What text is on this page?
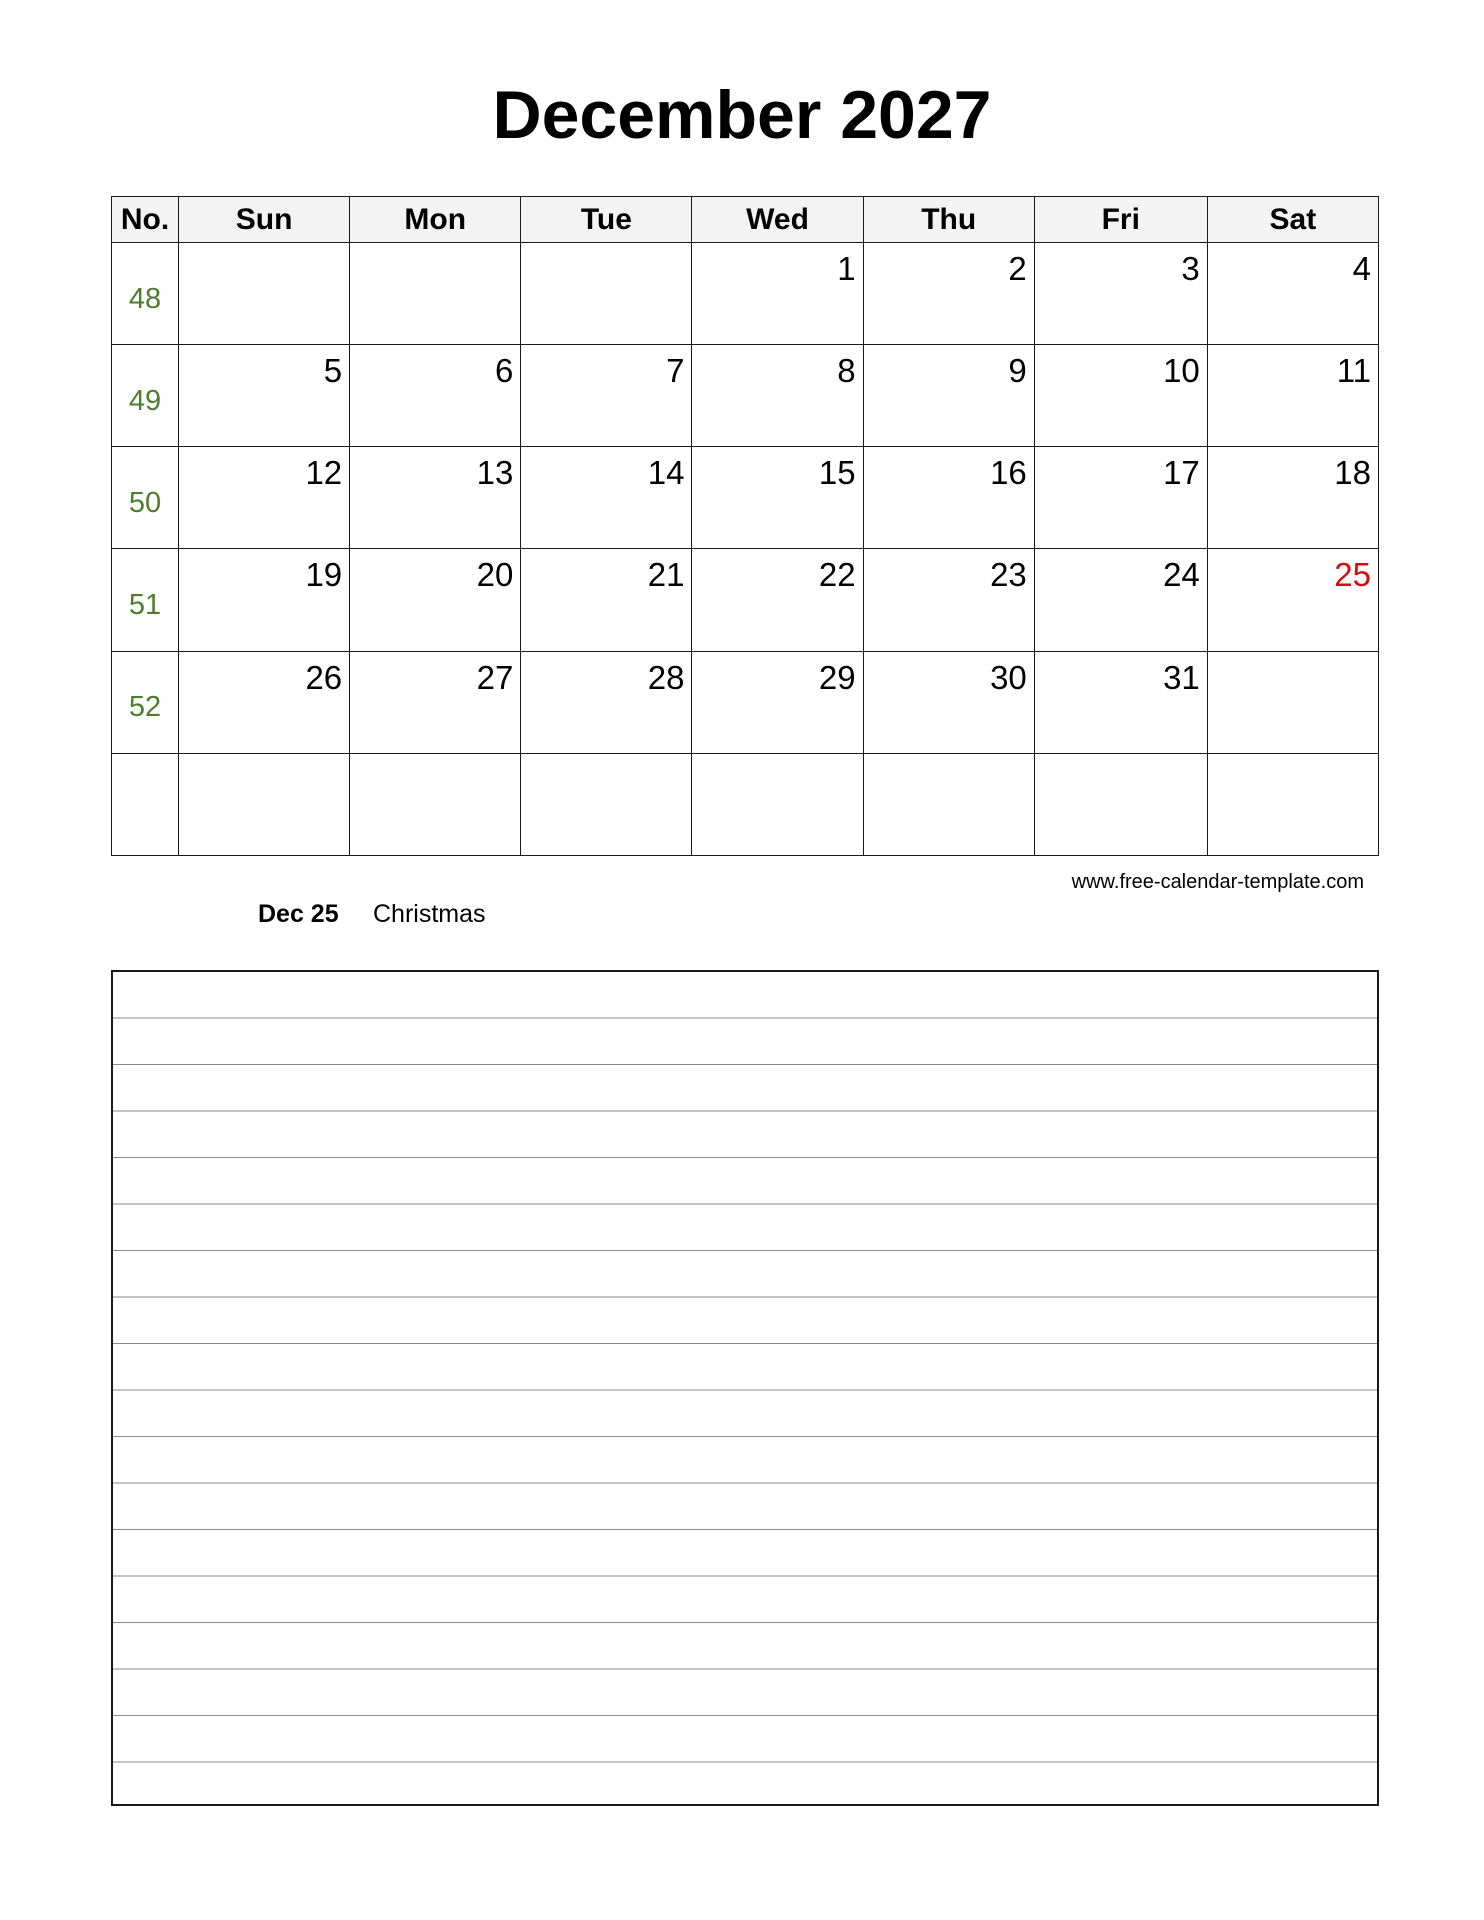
December 2027
No.	Sun	Mon	Tue	Wed	Thu	Fri	Sat

48				1	2	3	4

49	5	6	7	8	9	10	11

50	12	13	14	15	16	17	18

51	19	20	21	22	23	24	25

52	26	27	28	29	30	31	

www.free-calendar-template.com
Dec 25 Christmas
